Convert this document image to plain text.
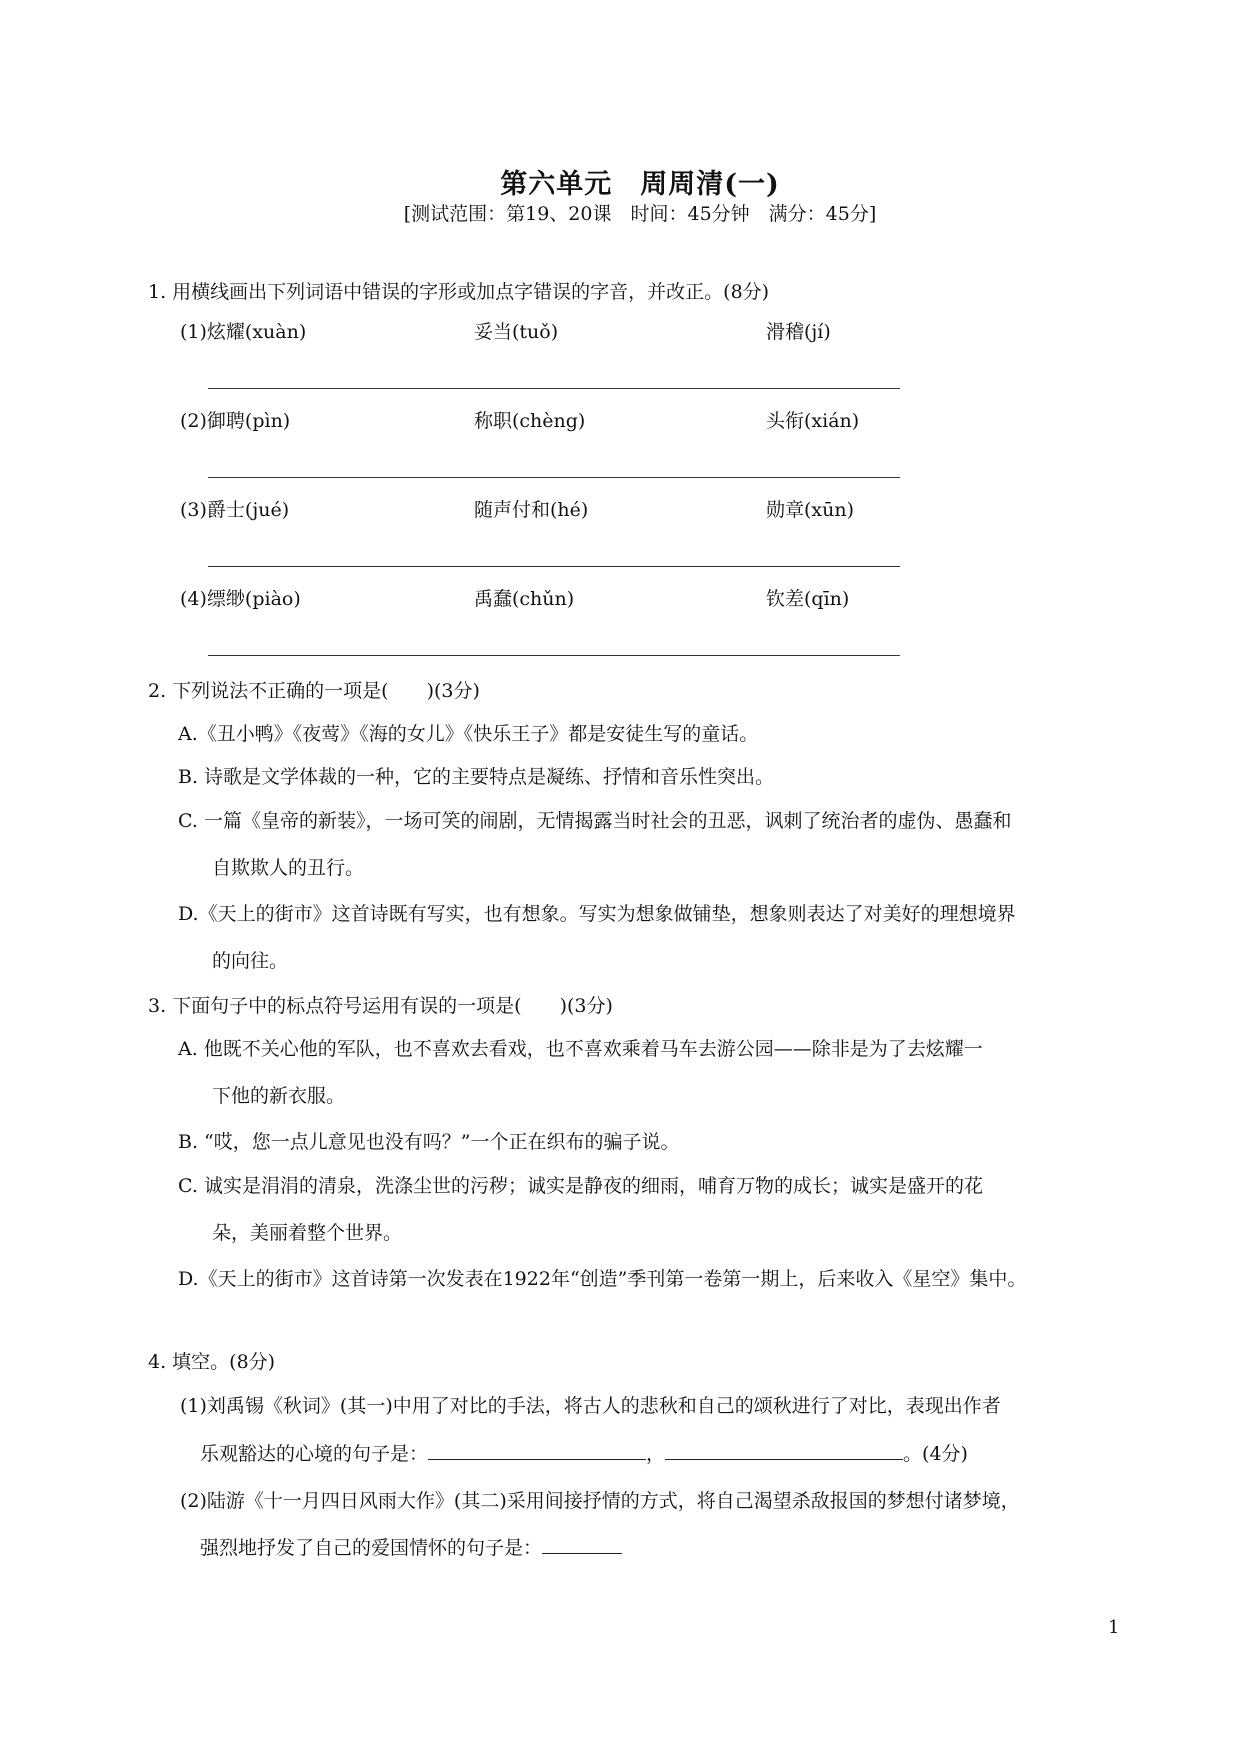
第六单元　周周清(一)
[测试范围：第19、20课　时间：45分钟　满分：45分]
1. 用横线画出下列词语中错误的字形或加点字错误的字音，并改正。(8分)
(1)炫耀(xuàn)	妥当(tuǒ)	滑稽(jí)
(2)御聘(pìn)	称职(chèng)	头衔(xián)
(3)爵士(jué)	随声付和(hé)	勋章(xūn)
(4)缥缈(piào)	禹蠢(chǔn)	钦差(qīn)
2. 下列说法不正确的一项是(　　)(3分)
A.《丑小鸭》《夜莺》《海的女儿》《快乐王子》都是安徒生写的童话。
B. 诗歌是文学体裁的一种，它的主要特点是凝练、抒情和音乐性突出。
C. 一篇《皇帝的新装》，一场可笑的闹剧，无情揭露当时社会的丑恶，讽刺了统治者的虚伪、愚蠢和
自欺欺人的丑行。
D.《天上的街市》这首诗既有写实，也有想象。写实为想象做铺垫，想象则表达了对美好的理想境界
的向往。
3. 下面句子中的标点符号运用有误的一项是(　　)(3分)
A. 他既不关心他的军队，也不喜欢去看戏，也不喜欢乘着马车去游公园——除非是为了去炫耀一
下他的新衣服。
B. “哎，您一点儿意见也没有吗？”一个正在织布的骗子说。
C. 诚实是涓涓的清泉，洗涤尘世的污秽；诚实是静夜的细雨，哺育万物的成长；诚实是盛开的花
朵，美丽着整个世界。
D.《天上的街市》这首诗第一次发表在1922年“创造”季刊第一卷第一期上，后来收入《星空》集中。
4. 填空。(8分)
(1)刘禹锡《秋词》(其一)中用了对比的手法，将古人的悲秋和自己的颂秋进行了对比，表现出作者
乐观豁达的心境的句子是：	，	。(4分)
(2)陆游《十一月四日风雨大作》(其二)采用间接抒情的方式，将自己渴望杀敌报国的梦想付诸梦境，
强烈地抒发了自己的爱国情怀的句子是：
1
